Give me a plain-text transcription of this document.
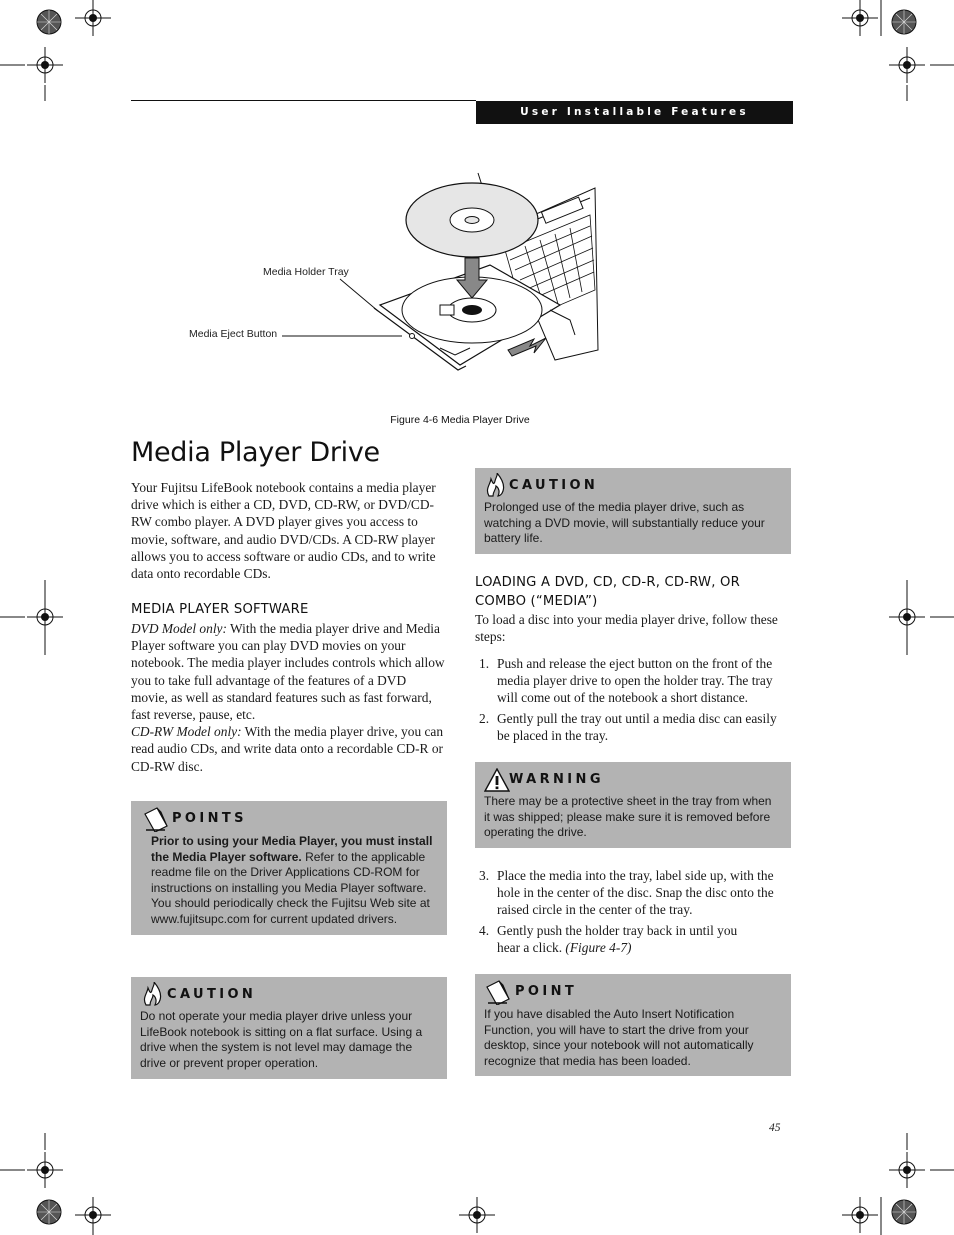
User Installable Features
Media Holder Tray
Media Eject Button
Figure 4-6 Media Player Drive
Media Player Drive
Your Fujitsu LifeBook notebook contains a media player drive which is either a CD, DVD, CD-RW, or DVD/CD-RW combo player. A DVD player gives you access to movie, software, and audio DVD/CDs. A CD-RW player allows you to access software or audio CDs, and to write data onto recordable CDs.
MEDIA PLAYER SOFTWARE
DVD Model only: With the media player drive and Media Player software you can play DVD movies on your notebook. The media player includes controls which allow you to take full advantage of the features of a DVD movie, as well as standard features such as fast forward, fast reverse, pause, etc.
CD-RW Model only: With the media player drive, you can read audio CDs, and write data onto a recordable CD-R or CD-RW disc.
POINTS
Prior to using your Media Player, you must install the Media Player software. Refer to the applicable readme file on the Driver Applications CD-ROM for instructions on installing you Media Player software. You should periodically check the Fujitsu Web site at www.fujitsupc.com for current updated drivers.
CAUTION
Do not operate your media player drive unless your LifeBook notebook is sitting on a flat surface. Using a drive when the system is not level may damage the drive or prevent proper operation.
CAUTION
Prolonged use of the media player drive, such as watching a DVD movie, will substantially reduce your battery life.
LOADING A DVD, CD, CD-R, CD-RW, OR
COMBO (“MEDIA”)
To load a disc into your media player drive, follow these steps:
1. Push and release the eject button on the front of the media player drive to open the holder tray. The tray will come out of the notebook a short distance.
2. Gently pull the tray out until a media disc can easily be placed in the tray.
WARNING
There may be a protective sheet in the tray from when it was shipped; please make sure it is removed before operating the drive.
3. Place the media into the tray, label side up, with the hole in the center of the disc. Snap the disc onto the raised circle in the center of the tray.
4. Gently push the holder tray back in until you hear a click. (Figure 4-7)
POINT
If you have disabled the Auto Insert Notification Function, you will have to start the drive from your desktop, since your notebook will not automatically recognize that media has been loaded.
45
